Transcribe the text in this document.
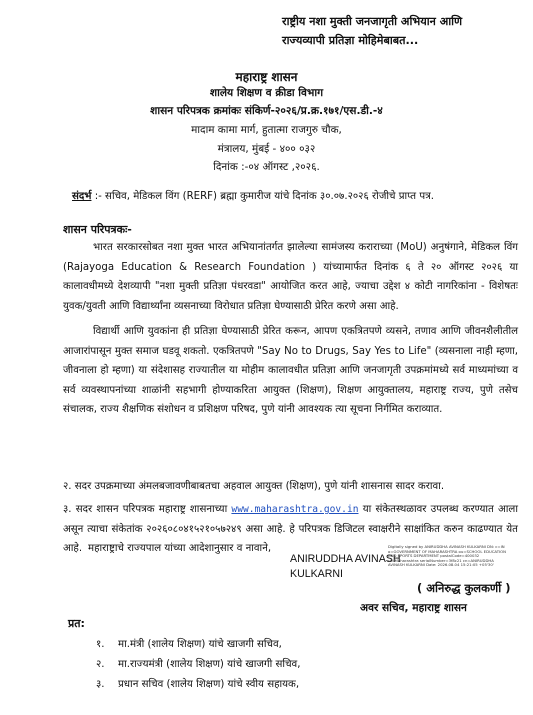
राष्ट्रीय नशा मुक्ती जनजागृती अभियान आणि
राज्यव्यापी प्रतिज्ञा मोहिमेबाबत...
महाराष्ट्र शासन
शालेय शिक्षण व क्रीडा विभाग
शासन परिपत्रक क्रमांकः संकिर्ण-२०२६/प्र.क्र.१७१/एस.डी.-४
मादाम कामा मार्ग, हुतात्मा राजगुरु चौक,
मंत्रालय, मुंबई - ४०० ०३२
दिनांक :-०४ ऑगस्ट ,२०२६.
संदर्भ :- सचिव, मेडिकल विंग (RERF) ब्रह्मा कुमारीज यांचे दिनांक ३०.०७.२०२६ रोजीचे प्राप्त पत्र.
शासन परिपत्रकः-
भारत सरकारसोबत नशा मुक्त भारत अभियानांतर्गत झालेल्या सामंजस्य कराराच्या (MoU) अनुषंगाने, मेडिकल विंग (Rajayoga Education & Research Foundation ) यांच्यामार्फत दिनांक ६ ते २० ऑगस्ट २०२६ या कालावधीमध्ये देशव्यापी "नशा मुक्ती प्रतिज्ञा पंधरवडा" आयोजित करत आहे, ज्याचा उद्देश ४ कोटी नागरिकांना - विशेषतः युवक/युवती आणि विद्यार्थ्यांना व्यसनाच्या विरोधात प्रतिज्ञा घेण्यासाठी प्रेरित करणे असा आहे.
विद्यार्थी आणि युवकांना ही प्रतिज्ञा घेण्यासाठी प्रेरित करून, आपण एकत्रितपणे व्यसने, तणाव आणि जीवनशैलीतील आजारांपासून मुक्त समाज घडवू शकतो. एकत्रितपणे "Say No to Drugs, Say Yes to Life" (व्यसनाला नाही म्हणा, जीवनाला हो म्हणा) या संदेशासह राज्यातील या मोहीम कालावधीत प्रतिज्ञा आणि जनजागृती उपक्रमांमध्ये सर्व माध्यमांच्या व सर्व व्यवस्थापनांच्या शाळांनी सहभागी होण्याकरिता आयुक्त (शिक्षण), शिक्षण आयुक्तालय, महाराष्ट्र राज्य, पुणे तसेच संचालक, राज्य शैक्षणिक संशोधन व प्रशिक्षण परिषद, पुणे यांनी आवश्यक त्या सूचना निर्गमित कराव्यात.
२. सदर उपक्रमाच्या अंमलबजावणीबाबतचा अहवाल आयुक्त (शिक्षण), पुणे यांनी शासनास सादर करावा.
३. सदर शासन परिपत्रक महाराष्ट्र शासनाच्या www.maharashtra.gov.in या संकेतस्थळावर उपलब्ध करण्यात आला असून त्याचा संकेतांक २०२६०८०४१५२१०५७२४९ असा आहे. हे परिपत्रक डिजिटल स्वाक्षरीने साक्षांकित करुन काढण्यात येत आहे. महाराष्ट्राचे राज्यपाल यांच्या आदेशानुसार व नावाने,
ANIRUDDHA AVINASH
KULKARNI
Digitally signed by ANIRUDDHA AVINASH KULKARNI DN: c=IN o=GOVERNMENT OF MAHARASHTRA ou=SCHOOL EDUCATION AND SPORTS DEPARTMENT postalCode=400032 st=Maharashtra serialNumber=3f8c21 cn=ANIRUDDHA AVINASH KULKARNI Date: 2026.08.04 15:21:05 +05'30'
( अनिरुद्ध कुलकर्णी )
अवर सचिव, महाराष्ट्र शासन
प्रत:
१. मा.मंत्री (शालेय शिक्षण) यांचे खाजगी सचिव,
२. मा.राज्यमंत्री (शालेय शिक्षण) यांचे खाजगी सचिव,
३. प्रधान सचिव (शालेय शिक्षण) यांचे स्वीय सहायक,
